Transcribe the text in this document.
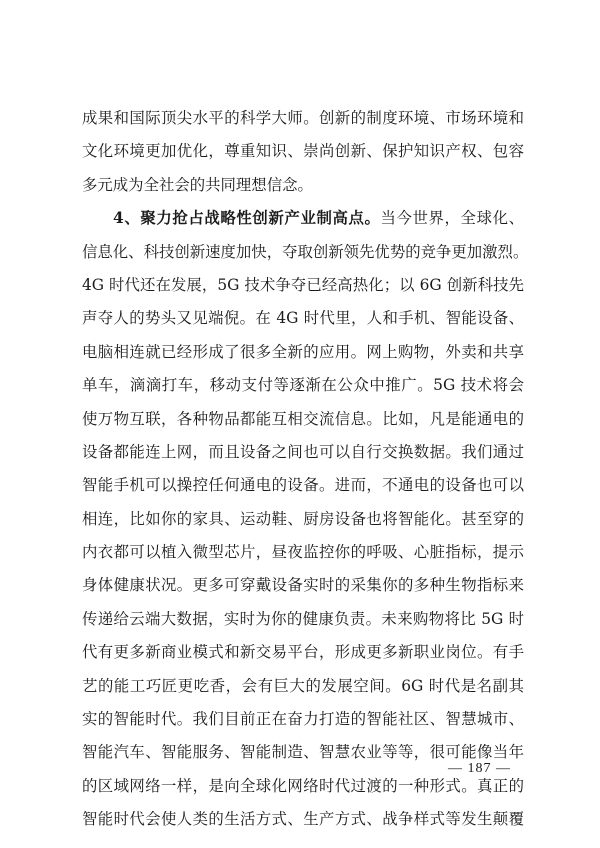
成果和国际顶尖水平的科学大师。创新的制度环境、市场环境和
文化环境更加优化，尊重知识、崇尚创新、保护知识产权、包容
多元成为全社会的共同理想信念。
4、聚力抢占战略性创新产业制高点。当今世界，全球化、
信息化、科技创新速度加快，夺取创新领先优势的竞争更加激烈。
4G 时代还在发展，5G 技术争夺已经高热化；以 6G 创新科技先
声夺人的势头又见端倪。在 4G 时代里，人和手机、智能设备、
电脑相连就已经形成了很多全新的应用。网上购物，外卖和共享
单车，滴滴打车，移动支付等逐渐在公众中推广。5G 技术将会
使万物互联，各种物品都能互相交流信息。比如，凡是能通电的
设备都能连上网，而且设备之间也可以自行交换数据。我们通过
智能手机可以操控任何通电的设备。进而，不通电的设备也可以
相连，比如你的家具、运动鞋、厨房设备也将智能化。甚至穿的
内衣都可以植入微型芯片，昼夜监控你的呼吸、心脏指标，提示
身体健康状况。更多可穿戴设备实时的采集你的多种生物指标来
传递给云端大数据，实时为你的健康负责。未来购物将比 5G 时
代有更多新商业模式和新交易平台，形成更多新职业岗位。有手
艺的能工巧匠更吃香，会有巨大的发展空间。6G 时代是名副其
实的智能时代。我们目前正在奋力打造的智能社区、智慧城市、
智能汽车、智能服务、智能制造、智慧农业等等，很可能像当年
的区域网络一样，是向全球化网络时代过渡的一种形式。真正的
智能时代会使人类的生活方式、生产方式、战争样式等发生颠覆
— 187 —
